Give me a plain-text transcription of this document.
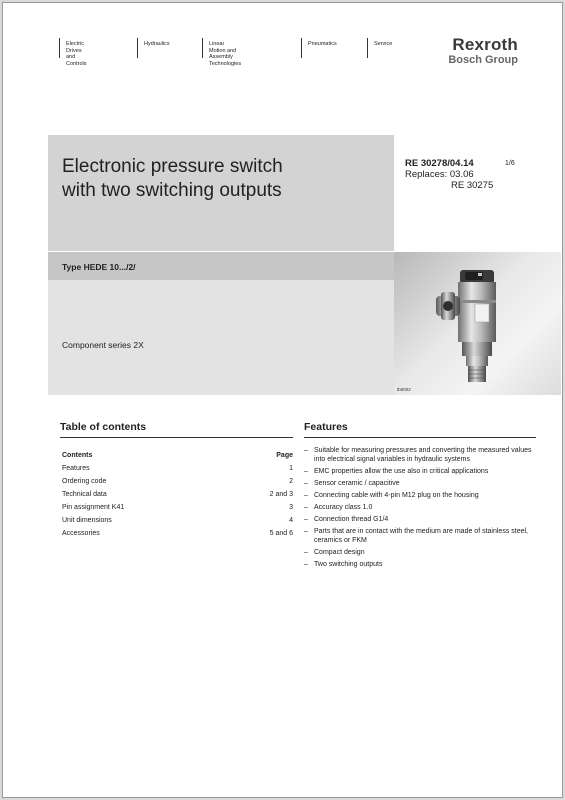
Electric Drives
and Controls
Hydraulics	Linear Motion and
Assembly Technologies
Pneumatics	Service	Rexroth
Bosch Group
Electronic pressure switch
with two switching outputs
RE 30278/04.14	1/6
Replaces: 03.06
RE 30275
Type HEDE 10.../2/
Component series 2X
tb0002
Table of contents
Contents	Page
Features	1
Ordering code	2
Technical data	2 and 3
Pin assignment K41	3
Unit dimensions	4
Accessories	5 and 6
Features
– Suitable for measuring pressures and converting the measured values into electrical signal variables in hydraulic systems
– EMC properties allow the use also in critical applications
– Sensor ceramic / capacitive
– Connecting cable with 4-pin M12 plug on the housing
– Accuracy class 1.0
– Connection thread G1/4
– Parts that are in contact with the medium are made of stainless steel, ceramics or FKM
– Compact design
– Two switching outputs
